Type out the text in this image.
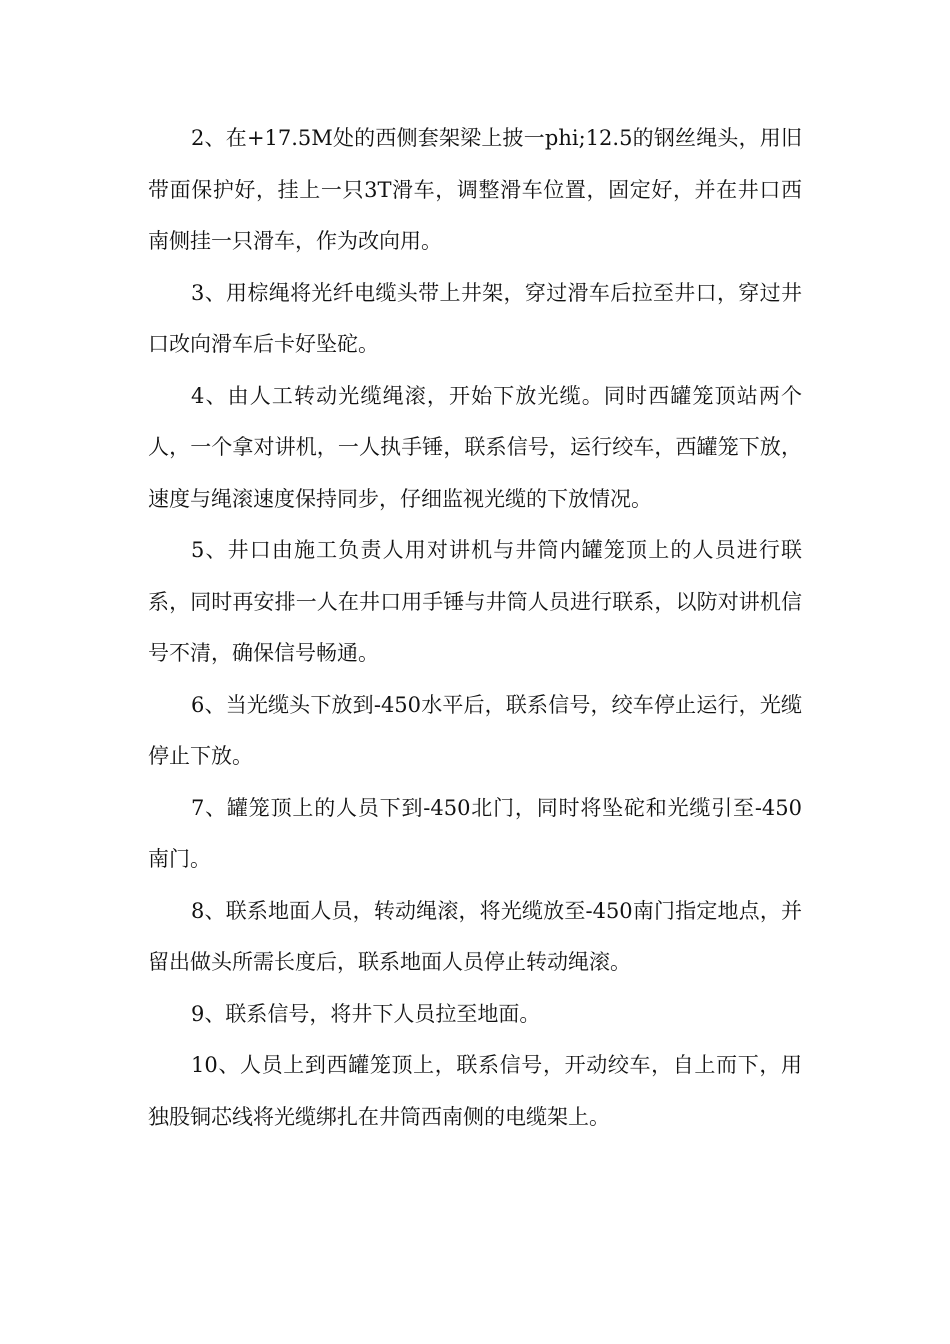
2、在+17.5M处的西侧套架梁上披一phi;12.5的钢丝绳头，用旧带面保护好，挂上一只3T滑车，调整滑车位置，固定好，并在井口西南侧挂一只滑车，作为改向用。

3、用棕绳将光纤电缆头带上井架，穿过滑车后拉至井口，穿过井口改向滑车后卡好坠砣。

4、由人工转动光缆绳滚，开始下放光缆。同时西罐笼顶站两个人，一个拿对讲机，一人执手锤，联系信号，运行绞车，西罐笼下放，速度与绳滚速度保持同步，仔细监视光缆的下放情况。

5、井口由施工负责人用对讲机与井筒内罐笼顶上的人员进行联系，同时再安排一人在井口用手锤与井筒人员进行联系，以防对讲机信号不清，确保信号畅通。

6、当光缆头下放到-450水平后，联系信号，绞车停止运行，光缆停止下放。

7、罐笼顶上的人员下到-450北门，同时将坠砣和光缆引至-450南门。

8、联系地面人员，转动绳滚，将光缆放至-450南门指定地点，并留出做头所需长度后，联系地面人员停止转动绳滚。

9、联系信号，将井下人员拉至地面。

10、人员上到西罐笼顶上，联系信号，开动绞车，自上而下，用独股铜芯线将光缆绑扎在井筒西南侧的电缆架上。
